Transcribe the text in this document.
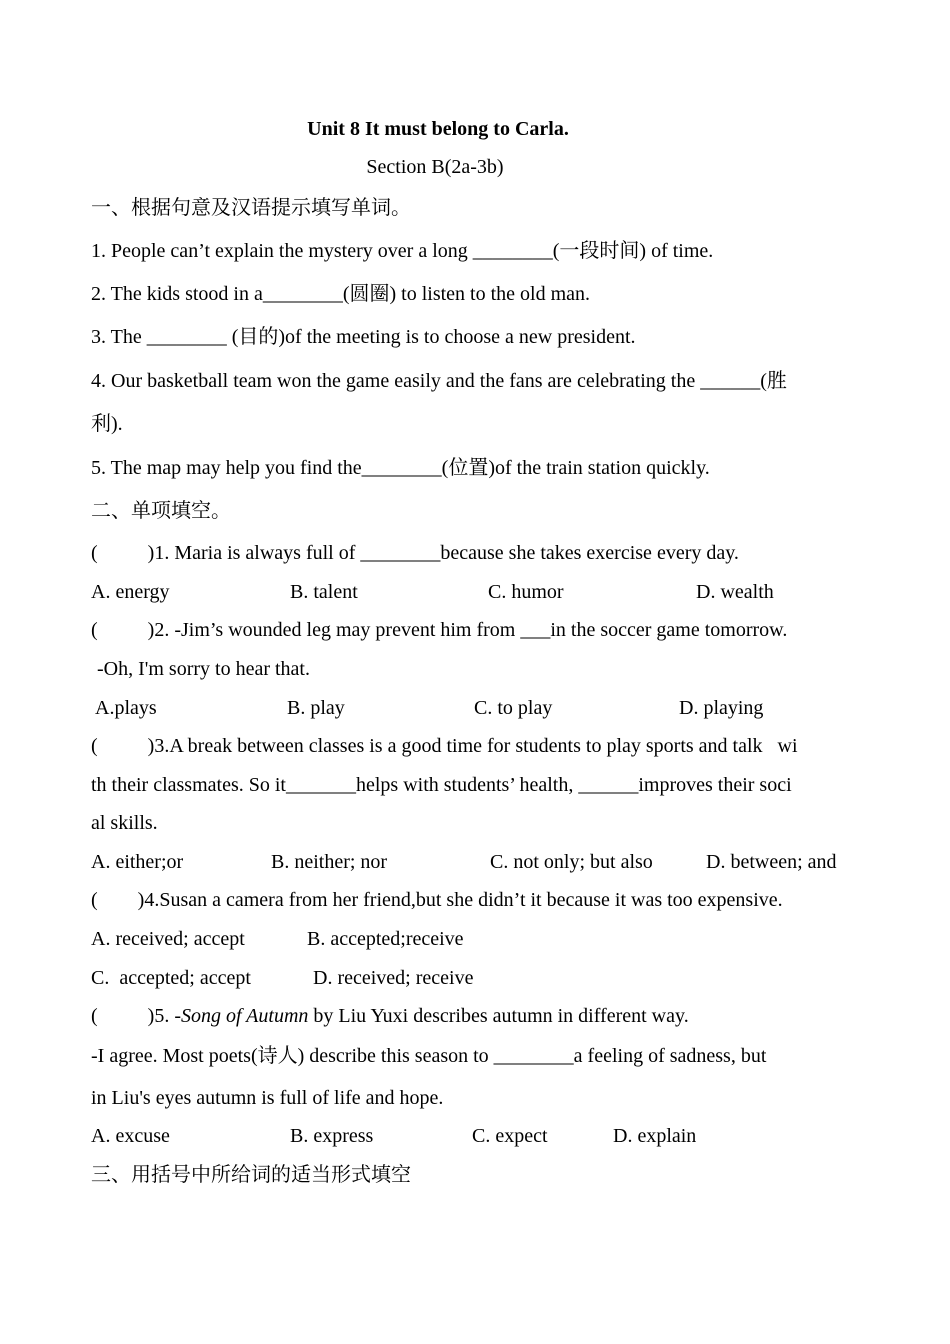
Unit 8 It must belong to Carla.
Section B(2a-3b)
一、根据句意及汉语提示填写单词。
1. People can’t explain the mystery over a long ________(一段时间) of time.
2. The kids stood in a________(圆圈) to listen to the old man.
3. The ________ (目的)of the meeting is to choose a new president.
4. Our basketball team won the game easily and the fans are celebrating the ______(胜
利).
5. The map may help you find the________(位置)of the train station quickly.
二、单项填空。
(          )1. Maria is always full of ________because she takes exercise every day.
A. energy	B. talent	C. humor	D. wealth
(          )2. -Jim’s wounded leg may prevent him from ___in the soccer game tomorrow.
-Oh, I'm sorry to hear that.
A.plays	B. play	C. to play	D. playing
(          )3.A break between classes is a good time for students to play sports and talk   wi
th their classmates. So it_______helps with students’ health, ______improves their soci
al skills.
A. either;or	B. neither; nor	C. not only; but also	D. between; and
(        )4.Susan a camera from her friend,but she didn’t it because it was too expensive.
A. received; accept	B. accepted;receive
C.  accepted; accept	D. received; receive
(          )5. -Song of Autumn by Liu Yuxi describes autumn in different way.
-I agree. Most poets(诗人) describe this season to ________a feeling of sadness, but
in Liu's eyes autumn is full of life and hope.
A. excuse	B. express	C. expect	D. explain
三、用括号中所给词的适当形式填空
